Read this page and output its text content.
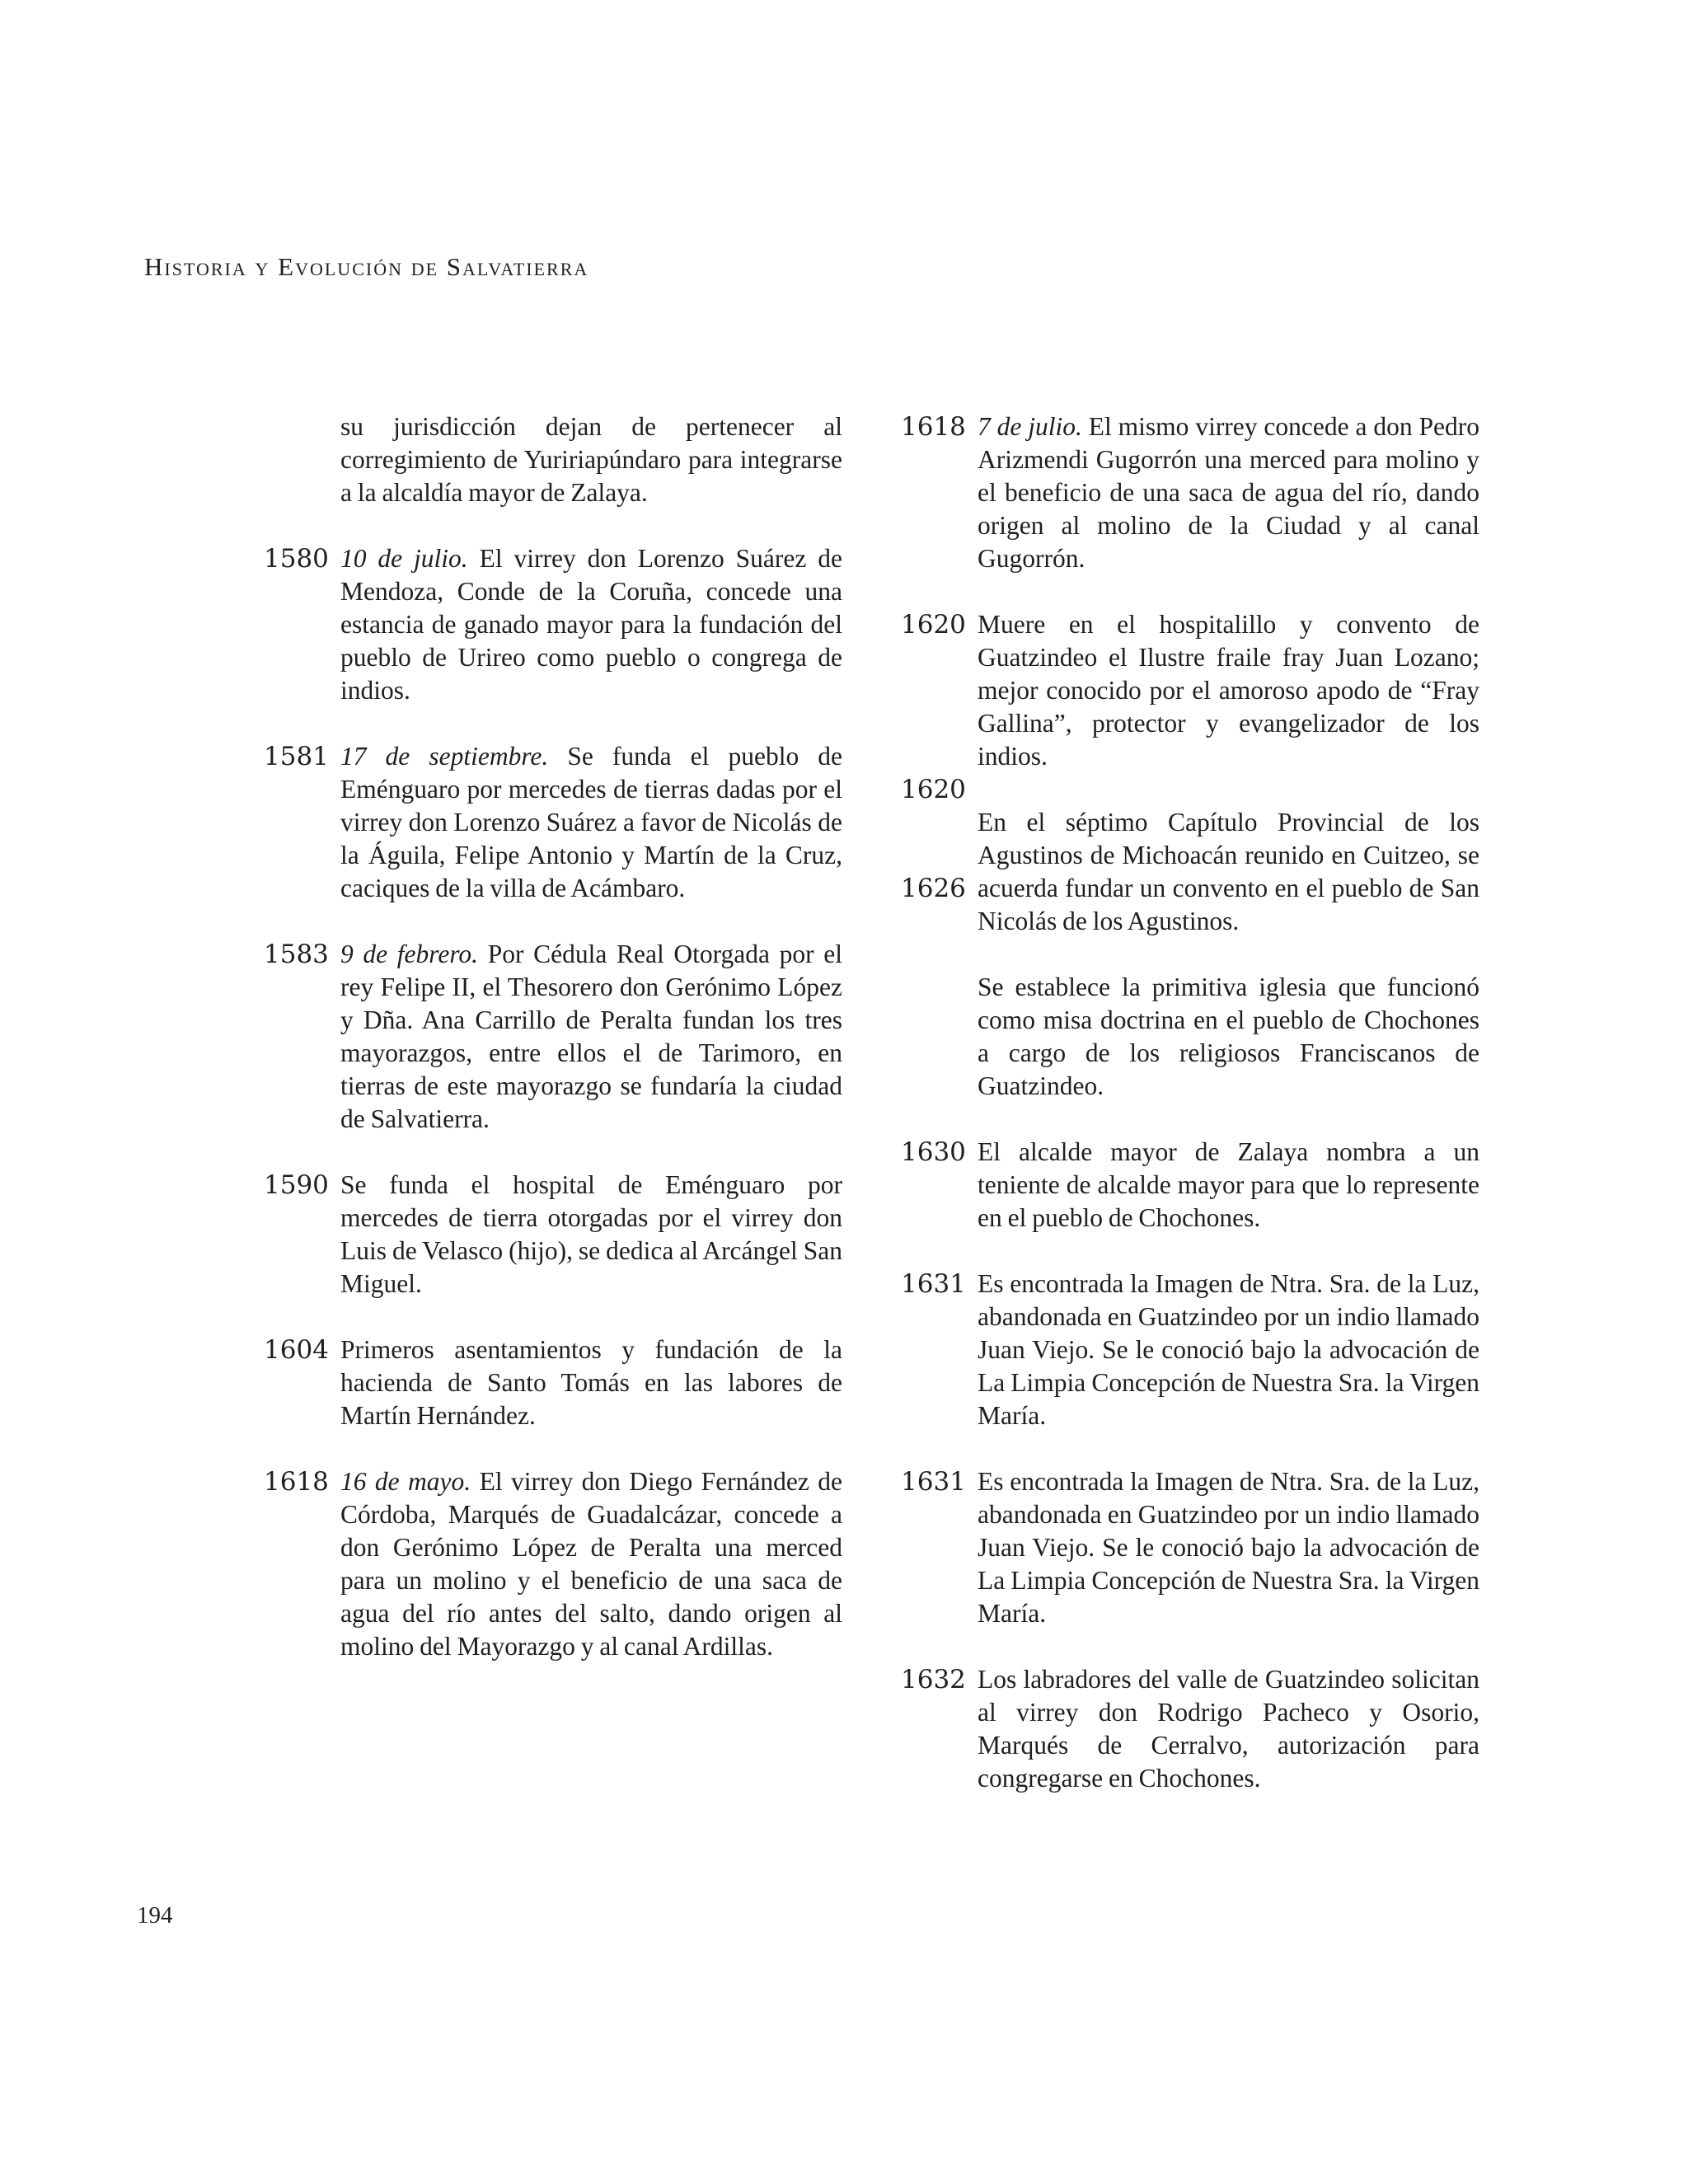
Historia y Evolución de Salvatierra
su jurisdicción dejan de pertenecer al corregimiento de Yuririapúndaro para integrarse a la alcaldía mayor de Zalaya.
1580 10 de julio. El virrey don Lorenzo Suárez de Mendoza, Conde de la Coruña, concede una estancia de ganado mayor para la fundación del pueblo de Urireo como pueblo o congrega de indios.
1581 17 de septiembre. Se funda el pueblo de Eménguaro por mercedes de tierras dadas por el virrey don Lorenzo Suárez a favor de Nicolás de la Águila, Felipe Antonio y Martín de la Cruz, caciques de la villa de Acámbaro.
1583 9 de febrero. Por Cédula Real Otorgada por el rey Felipe II, el Thesorero don Gerónimo López y Dña. Ana Carrillo de Peralta fundan los tres mayorazgos, entre ellos el de Tarimoro, en tierras de este mayorazgo se fundaría la ciudad de Salvatierra.
1590 Se funda el hospital de Eménguaro por mercedes de tierra otorgadas por el virrey don Luis de Velasco (hijo), se dedica al Arcángel San Miguel.
1604 Primeros asentamientos y fundación de la hacienda de Santo Tomás en las labores de Martín Hernández.
1618 16 de mayo. El virrey don Diego Fernández de Córdoba, Marqués de Guadalcázar, concede a don Gerónimo López de Peralta una merced para un molino y el beneficio de una saca de agua del río antes del salto, dando origen al molino del Mayorazgo y al canal Ardillas.
1618 7 de julio. El mismo virrey concede a don Pedro Arizmendi Gugorrón una merced para molino y el beneficio de una saca de agua del río, dando origen al molino de la Ciudad y al canal Gugorrón.
1620 Muere en el hospitalillo y convento de Guatzindeo el Ilustre fraile fray Juan Lozano; mejor conocido por el amoroso apodo de “Fray Gallina”, protector y evangelizador de los indios.
1620
1626
En el séptimo Capítulo Provincial de los Agustinos de Michoacán reunido en Cuitzeo, se acuerda fundar un convento en el pueblo de San Nicolás de los Agustinos.
Se establece la primitiva iglesia que funcionó como misa doctrina en el pueblo de Chochones a cargo de los religiosos Franciscanos de Guatzindeo.
1630 El alcalde mayor de Zalaya nombra a un teniente de alcalde mayor para que lo represente en el pueblo de Chochones.
1631 Es encontrada la Imagen de Ntra. Sra. de la Luz, abandonada en Guatzindeo por un indio llamado Juan Viejo. Se le conoció bajo la advocación de La Limpia Concepción de Nuestra Sra. la Virgen María.
1631 Es encontrada la Imagen de Ntra. Sra. de la Luz, abandonada en Guatzindeo por un indio llamado Juan Viejo. Se le conoció bajo la advocación de La Limpia Concepción de Nuestra Sra. la Virgen María.
1632 Los labradores del valle de Guatzindeo solicitan al virrey don Rodrigo Pacheco y Osorio, Marqués de Cerralvo, autorización para congregarse en Chochones.
194
